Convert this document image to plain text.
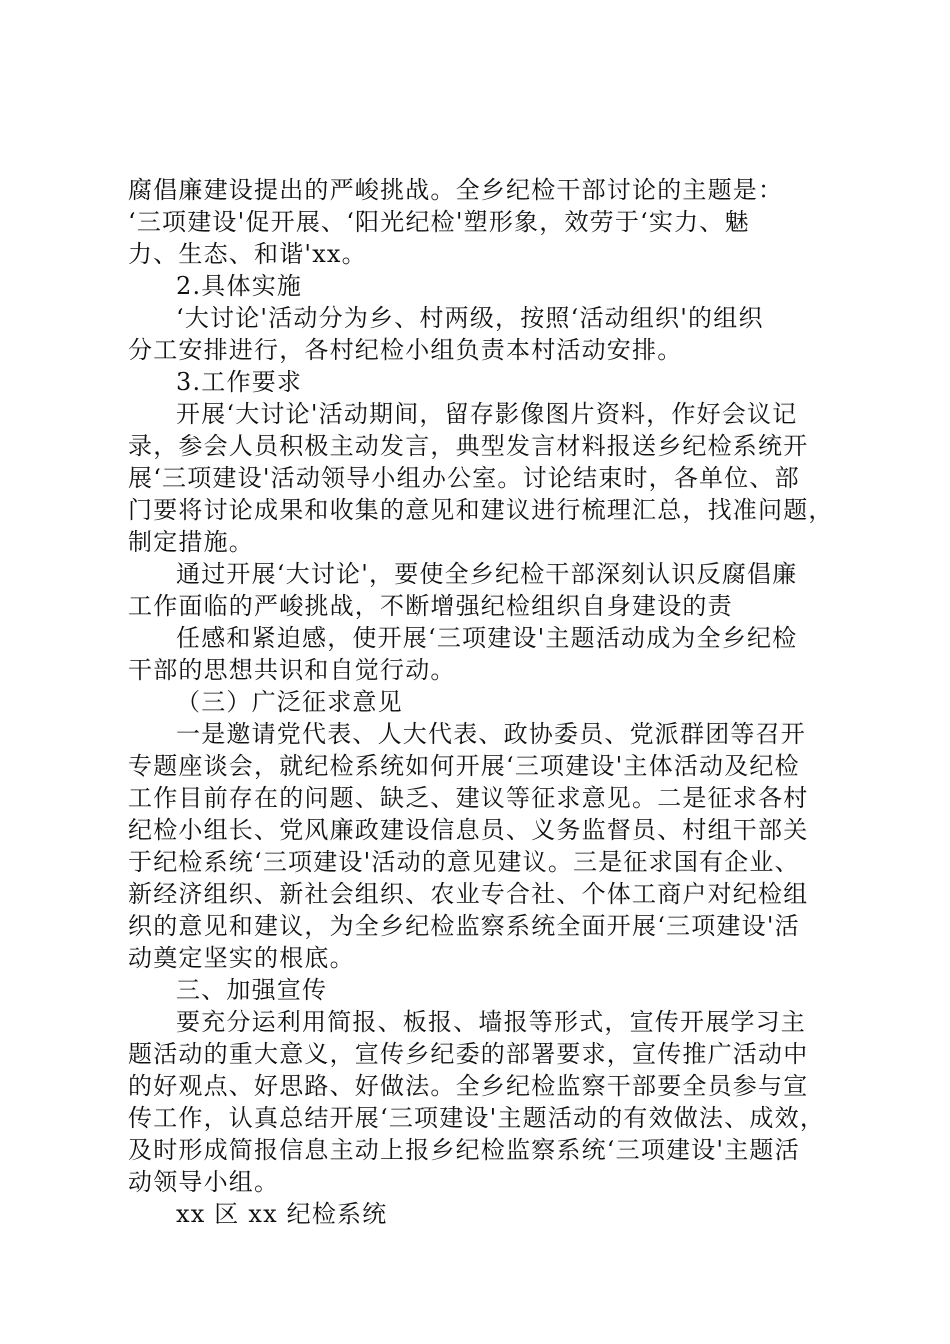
腐倡廉建设提出的严峻挑战。全乡纪检干部讨论的主题是：
‘三项建设'促开展、‘阳光纪检'塑形象，效劳于‘实力、魅
力、生态、和谐'xx。
2.具体实施
‘大讨论'活动分为乡、村两级，按照‘活动组织'的组织
分工安排进行，各村纪检小组负责本村活动安排。
3.工作要求
开展‘大讨论'活动期间，留存影像图片资料，作好会议记
录，参会人员积极主动发言，典型发言材料报送乡纪检系统开
展‘三项建设'活动领导小组办公室。讨论结束时，各单位、部
门要将讨论成果和收集的意见和建议进行梳理汇总，找准问题，
制定措施。
通过开展‘大讨论'，要使全乡纪检干部深刻认识反腐倡廉
工作面临的严峻挑战，不断增强纪检组织自身建设的责
任感和紧迫感，使开展‘三项建设'主题活动成为全乡纪检
干部的思想共识和自觉行动。
（三）广泛征求意见
一是邀请党代表、人大代表、政协委员、党派群团等召开
专题座谈会，就纪检系统如何开展‘三项建设'主体活动及纪检
工作目前存在的问题、缺乏、建议等征求意见。二是征求各村
纪检小组长、党风廉政建设信息员、义务监督员、村组干部关
于纪检系统‘三项建设'活动的意见建议。三是征求国有企业、
新经济组织、新社会组织、农业专合社、个体工商户对纪检组
织的意见和建议，为全乡纪检监察系统全面开展‘三项建设'活
动奠定坚实的根底。
三、加强宣传
要充分运利用简报、板报、墙报等形式，宣传开展学习主
题活动的重大意义，宣传乡纪委的部署要求，宣传推广活动中
的好观点、好思路、好做法。全乡纪检监察干部要全员参与宣
传工作，认真总结开展‘三项建设'主题活动的有效做法、成效，
及时形成简报信息主动上报乡纪检监察系统‘三项建设'主题活
动领导小组。
xx 区 xx 纪检系统
